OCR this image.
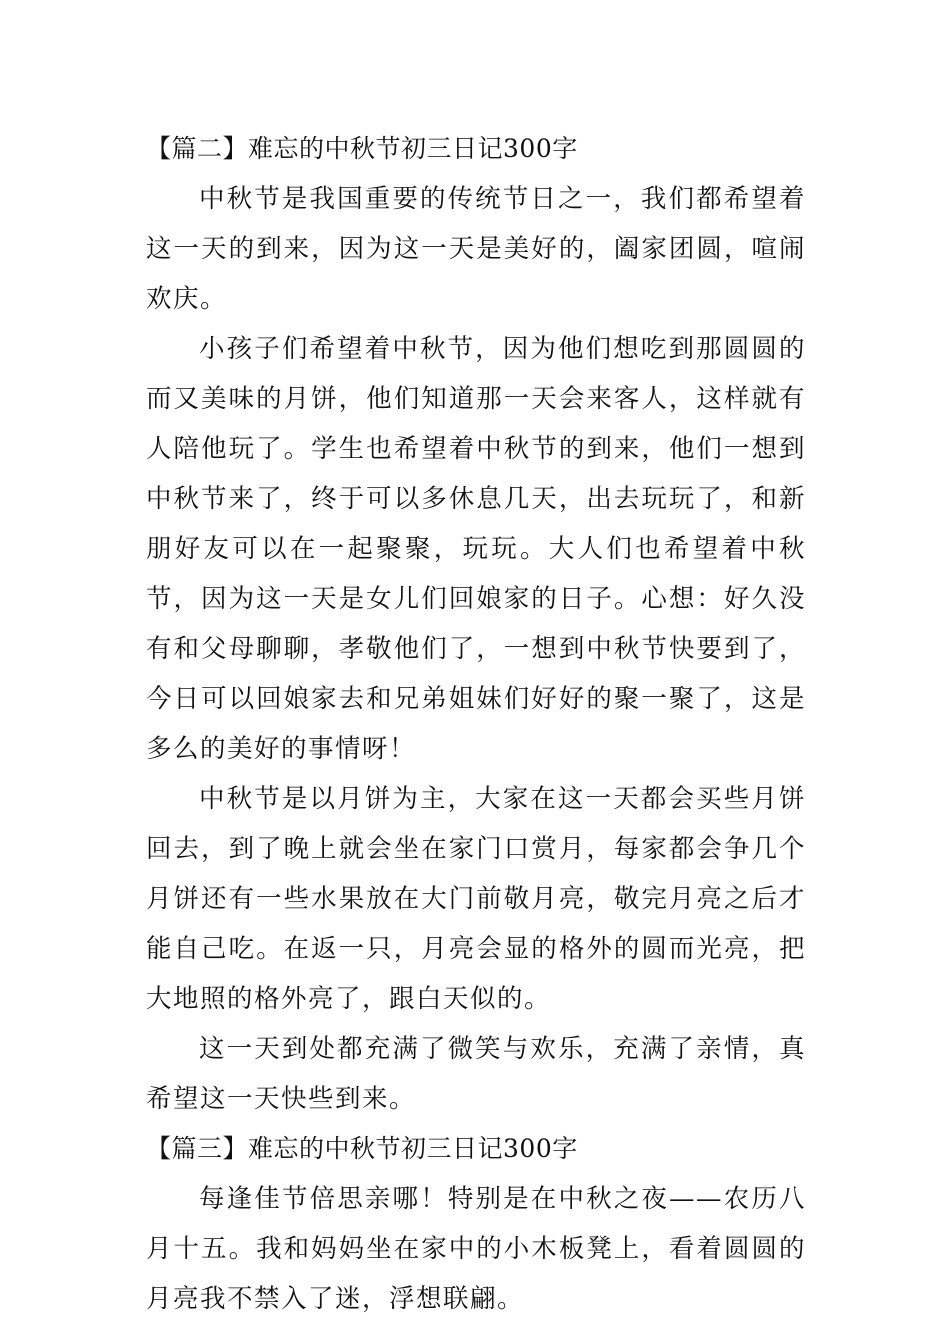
【篇二】难忘的中秋节初三日记300字

中秋节是我国重要的传统节日之一，我们都希望着这一天的到来，因为这一天是美好的，阖家团圆，喧闹欢庆。

小孩子们希望着中秋节，因为他们想吃到那圆圆的而又美味的月饼，他们知道那一天会来客人，这样就有人陪他玩了。学生也希望着中秋节的到来，他们一想到中秋节来了，终于可以多休息几天，出去玩玩了，和新朋好友可以在一起聚聚，玩玩。大人们也希望着中秋节，因为这一天是女儿们回娘家的日子。心想：好久没有和父母聊聊，孝敬他们了，一想到中秋节快要到了，今日可以回娘家去和兄弟姐妹们好好的聚一聚了，这是多么的美好的事情呀！

中秋节是以月饼为主，大家在这一天都会买些月饼回去，到了晚上就会坐在家门口赏月，每家都会争几个月饼还有一些水果放在大门前敬月亮，敬完月亮之后才能自己吃。在返一只，月亮会显的格外的圆而光亮，把大地照的格外亮了，跟白天似的。

这一天到处都充满了微笑与欢乐，充满了亲情，真希望这一天快些到来。

【篇三】难忘的中秋节初三日记300字

每逢佳节倍思亲哪！特别是在中秋之夜——农历八月十五。我和妈妈坐在家中的小木板凳上，看着圆圆的月亮我不禁入了迷，浮想联翩。
